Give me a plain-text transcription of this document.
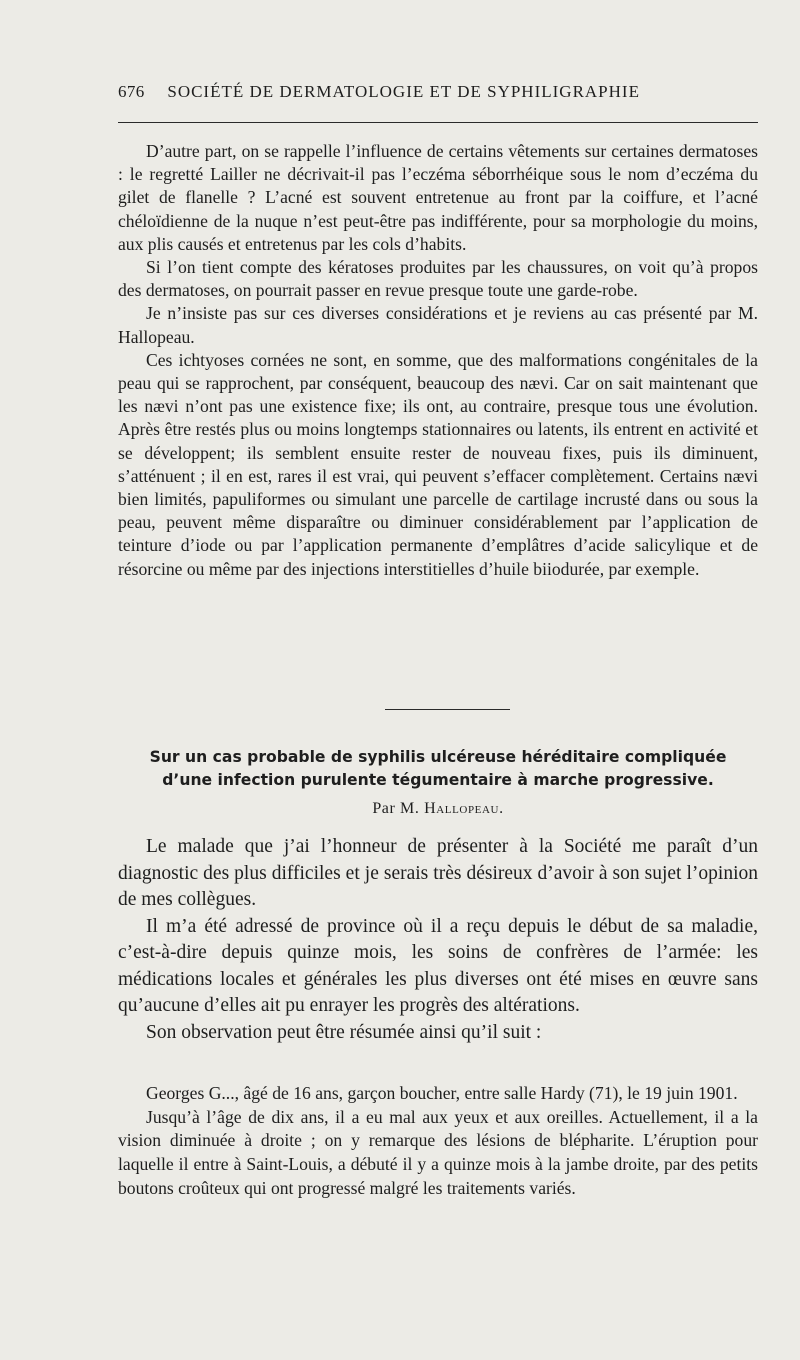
676 SOCIÉTÉ DE DERMATOLOGIE ET DE SYPHILIGRAPHIE

D’autre part, on se rappelle l’influence de certains vêtements sur certaines dermatoses : le regretté Lailler ne décrivait-il pas l’eczéma séborrhéique sous le nom d’eczéma du gilet de flanelle ? L’acné est souvent entretenue au front par la coiffure, et l’acné chéloïdienne de la nuque n’est peut-être pas indifférente, pour sa morphologie du moins, aux plis causés et entretenus par les cols d’habits.

Si l’on tient compte des kératoses produites par les chaussures, on voit qu’à propos des dermatoses, on pourrait passer en revue presque toute une garde-robe.

Je n’insiste pas sur ces diverses considérations et je reviens au cas présenté par M. Hallopeau.

Ces ichtyoses cornées ne sont, en somme, que des malformations congénitales de la peau qui se rapprochent, par conséquent, beaucoup des nævi. Car on sait maintenant que les nævi n’ont pas une existence fixe; ils ont, au contraire, presque tous une évolution. Après être restés plus ou moins longtemps stationnaires ou latents, ils entrent en activité et se développent; ils semblent ensuite rester de nouveau fixes, puis ils diminuent, s’atténuent ; il en est, rares il est vrai, qui peuvent s’effacer complètement. Certains nævi bien limités, papuliformes ou simulant une parcelle de cartilage incrusté dans ou sous la peau, peuvent même disparaître ou diminuer considérablement par l’application de teinture d’iode ou par l’application permanente d’emplâtres d’acide salicylique et de résorcine ou même par des injections interstitielles d’huile biiodurée, par exemple.

Sur un cas probable de syphilis ulcéreuse héréditaire compliquée
d’une infection purulente tégumentaire à marche progressive.
Par M. Hallopeau.

Le malade que j’ai l’honneur de présenter à la Société me paraît d’un diagnostic des plus difficiles et je serais très désireux d’avoir à son sujet l’opinion de mes collègues.

Il m’a été adressé de province où il a reçu depuis le début de sa maladie, c’est-à-dire depuis quinze mois, les soins de confrères de l’armée: les médications locales et générales les plus diverses ont été mises en œuvre sans qu’aucune d’elles ait pu enrayer les progrès des altérations.

Son observation peut être résumée ainsi qu’il suit :

Georges G..., âgé de 16 ans, garçon boucher, entre salle Hardy (71), le 19 juin 1901.

Jusqu’à l’âge de dix ans, il a eu mal aux yeux et aux oreilles. Actuellement, il a la vision diminuée à droite ; on y remarque des lésions de blépharite. L’éruption pour laquelle il entre à Saint-Louis, a débuté il y a quinze mois à la jambe droite, par des petits boutons croûteux qui ont progressé malgré les traitements variés.
